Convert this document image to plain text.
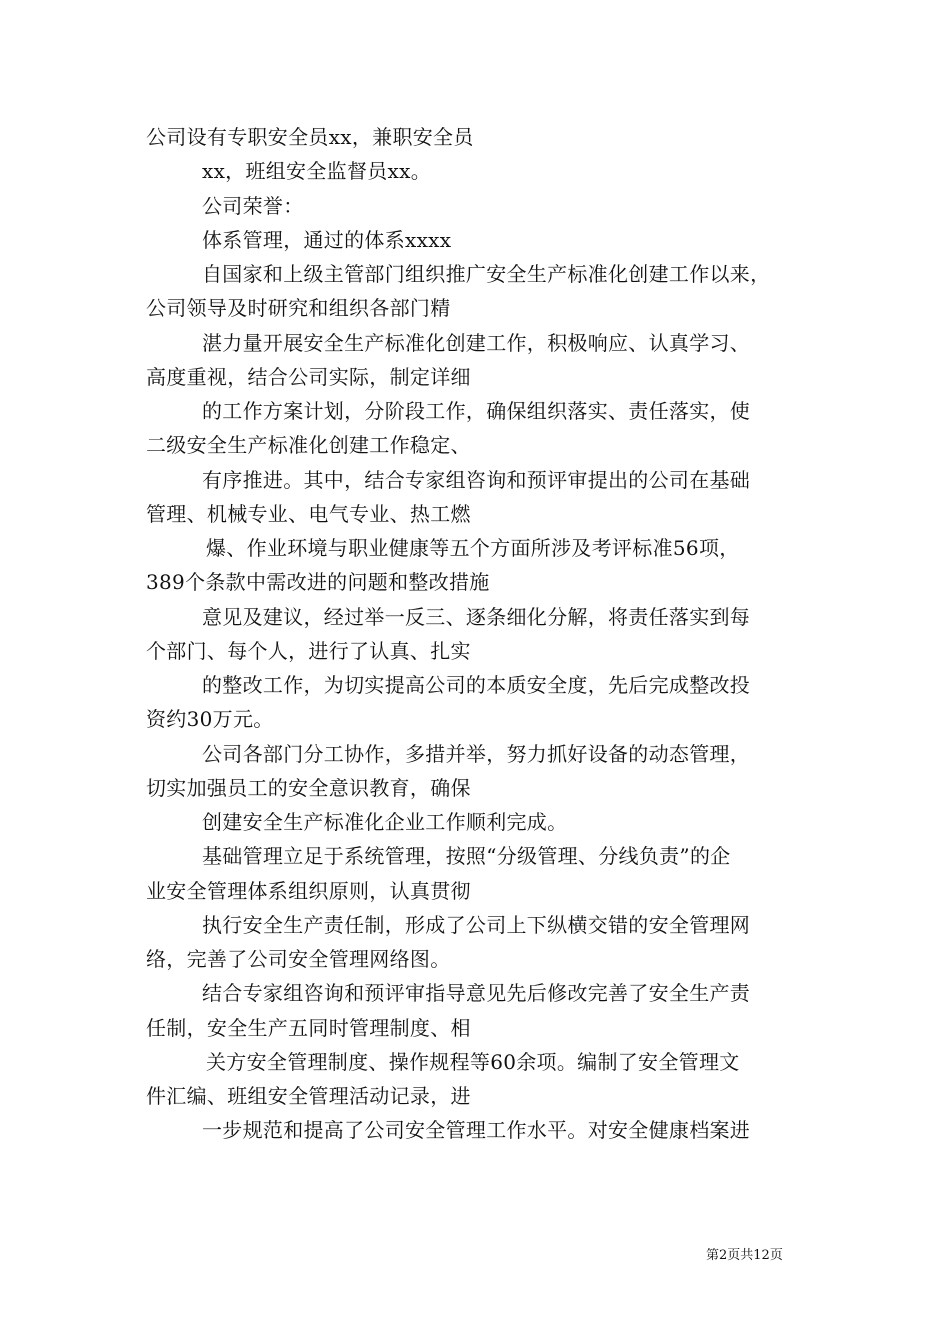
公司设有专职安全员xx，兼职安全员
xx，班组安全监督员xx。
公司荣誉：
体系管理，通过的体系xxxx
自国家和上级主管部门组织推广安全生产标准化创建工作以来，
公司领导及时研究和组织各部门精
湛力量开展安全生产标准化创建工作，积极响应、认真学习、
高度重视，结合公司实际，制定详细
的工作方案计划，分阶段工作，确保组织落实、责任落实，使
二级安全生产标准化创建工作稳定、
有序推进。其中，结合专家组咨询和预评审提出的公司在基础
管理、机械专业、电气专业、热工燃
爆、作业环境与职业健康等五个方面所涉及考评标准56项，
389个条款中需改进的问题和整改措施
意见及建议，经过举一反三、逐条细化分解，将责任落实到每
个部门、每个人，进行了认真、扎实
的整改工作，为切实提高公司的本质安全度，先后完成整改投
资约30万元。
公司各部门分工协作，多措并举，努力抓好设备的动态管理，
切实加强员工的安全意识教育，确保
创建安全生产标准化企业工作顺利完成。
基础管理立足于系统管理，按照“分级管理、分线负责”的企
业安全管理体系组织原则，认真贯彻
执行安全生产责任制，形成了公司上下纵横交错的安全管理网
络，完善了公司安全管理网络图。
结合专家组咨询和预评审指导意见先后修改完善了安全生产责
任制，安全生产五同时管理制度、相
关方安全管理制度、操作规程等60余项。编制了安全管理文
件汇编、班组安全管理活动记录，进
一步规范和提高了公司安全管理工作水平。对安全健康档案进
第2页共12页
